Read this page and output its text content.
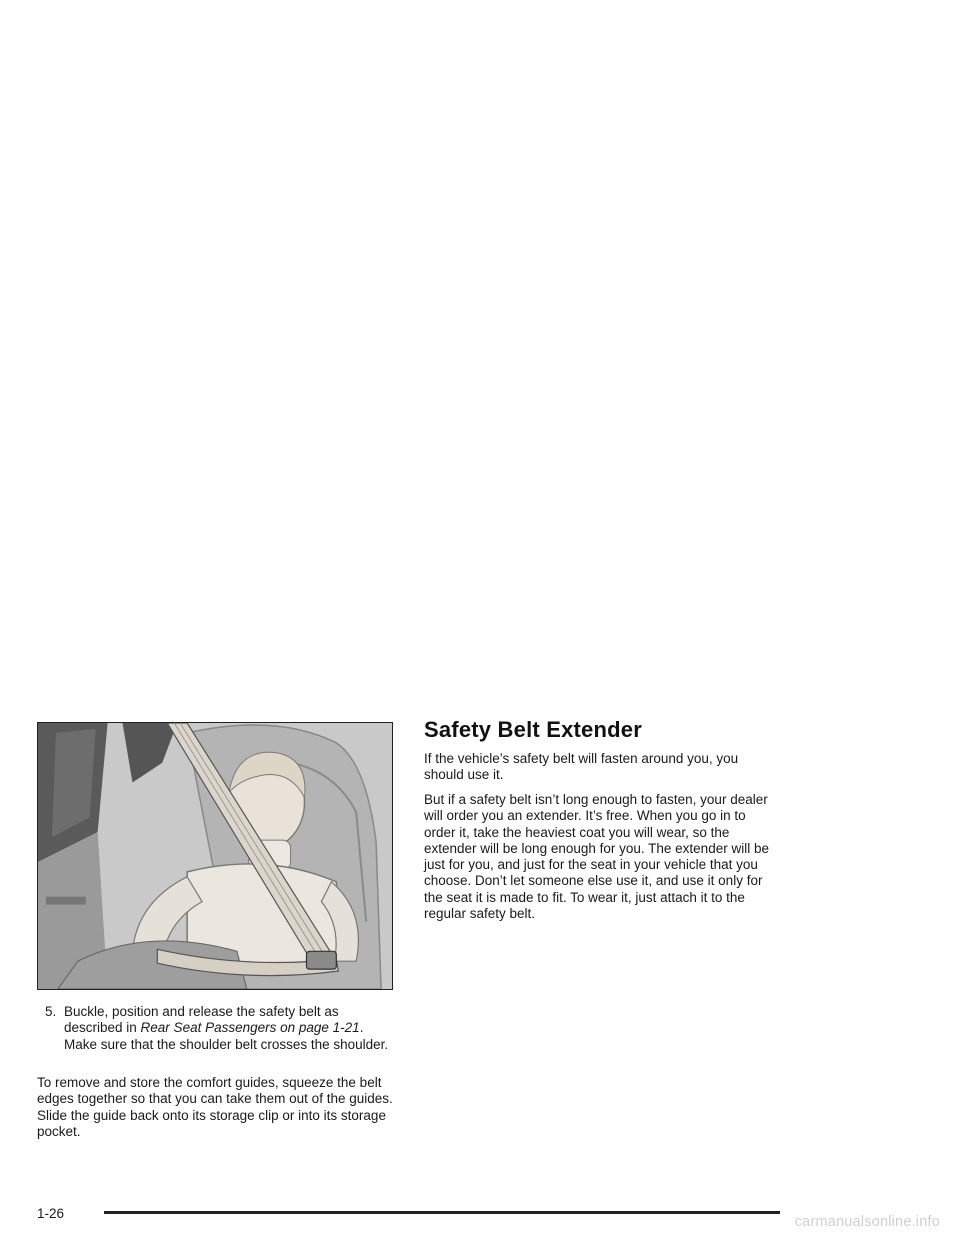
5. Buckle, position and release the safety belt as described in Rear Seat Passengers on page 1-21. Make sure that the shoulder belt crosses the shoulder.

To remove and store the comfort guides, squeeze the belt edges together so that you can take them out of the guides. Slide the guide back onto its storage clip or into its storage pocket.

Safety Belt Extender

If the vehicle’s safety belt will fasten around you, you should use it.

But if a safety belt isn’t long enough to fasten, your dealer will order you an extender. It’s free. When you go in to order it, take the heaviest coat you will wear, so the extender will be long enough for you. The extender will be just for you, and just for the seat in your vehicle that you choose. Don’t let someone else use it, and use it only for the seat it is made to fit. To wear it, just attach it to the regular safety belt.

1-26
carmanualsonline.info
